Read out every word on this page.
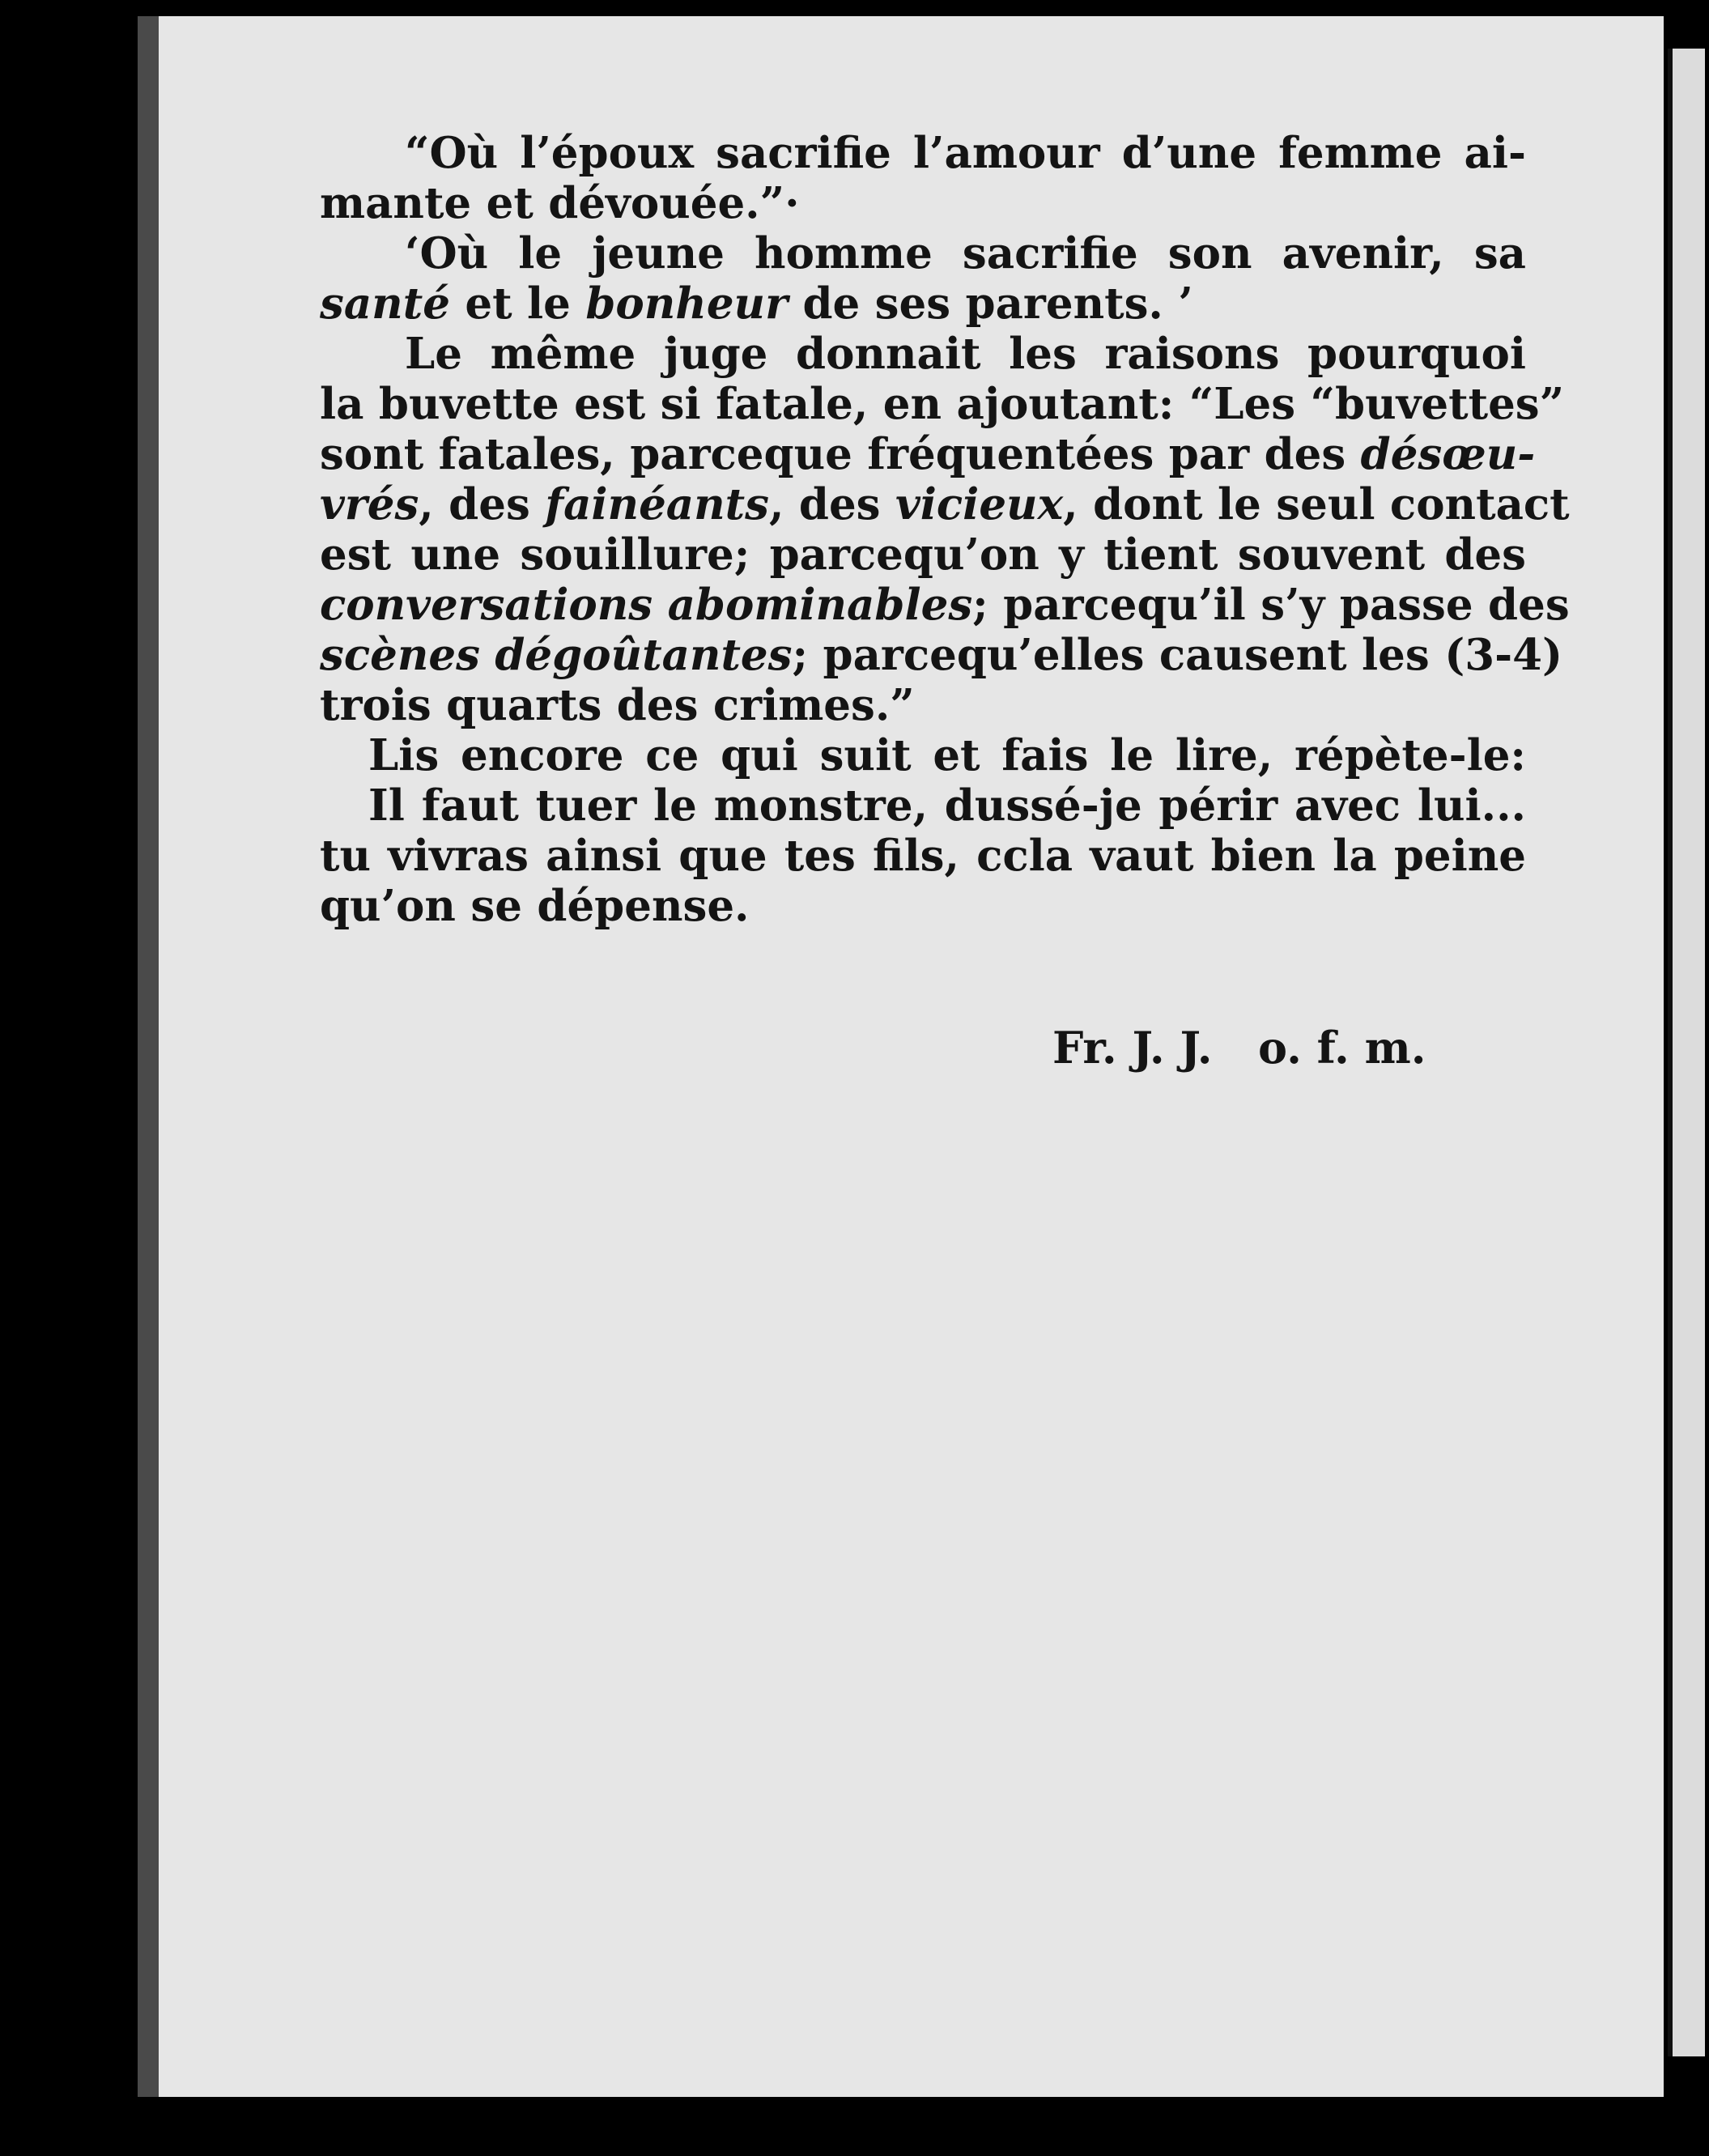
“Où l’époux sacrifie l’amour d’une femme ai-
mante et dévouée.”·
‘Où le jeune homme sacrifie son avenir, sa
santé et le bonheur de ses parents. ’
Le même juge donnait les raisons pourquoi
la buvette est si fatale, en ajoutant: “Les “buvettes”
sont fatales, parceque fréquentées par des désœu-
vrés, des fainéants, des vicieux, dont le seul contact
est une souillure; parcequ’on y tient souvent des
conversations abominables; parcequ’il s’y passe des
scènes dégoûtantes; parcequ’elles causent les (3-4)
trois quarts des crimes.”
Lis encore ce qui suit et fais le lire, répète-le:
Il faut tuer le monstre, dussé-je périr avec lui...
tu vivras ainsi que tes fils, ccla vaut bien la peine
qu’on se dépense.
Fr. J. J.   o. f. m.
